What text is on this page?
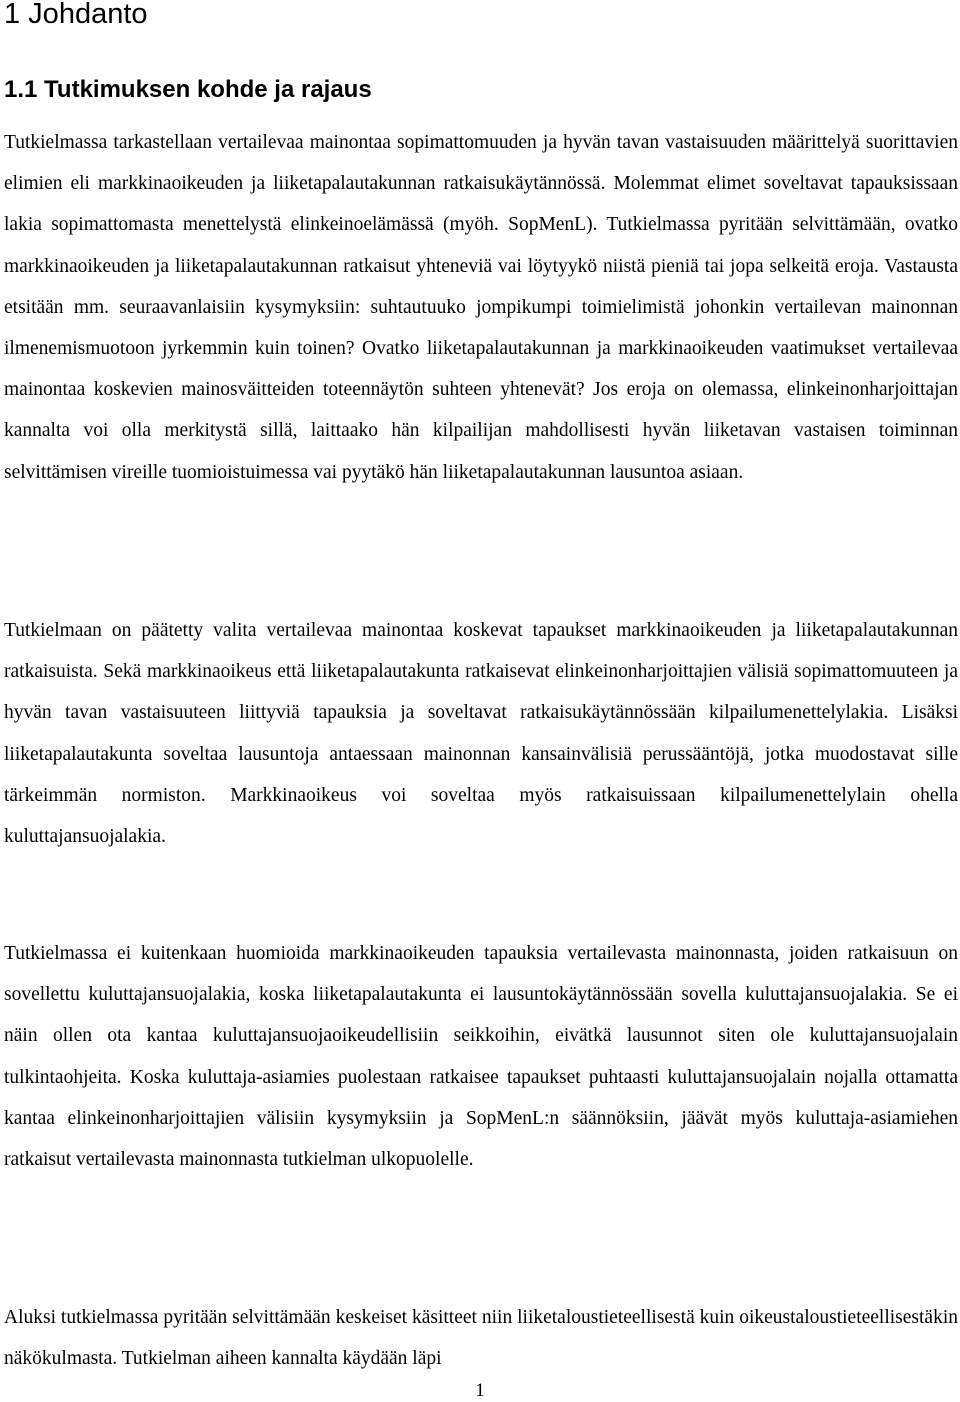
1 Johdanto
1.1 Tutkimuksen kohde ja rajaus

Tutkielmassa tarkastellaan vertailevaa mainontaa sopimattomuuden ja hyvän tavan vastaisuuden määrittelyä suorittavien elimien eli markkinaoikeuden ja liiketapalautakunnan ratkaisukäytännössä. Molemmat elimet soveltavat tapauksissaan lakia sopimattomasta menettelystä elinkeinoelämässä (myöh. SopMenL). Tutkielmassa pyritään selvittämään, ovatko markkinaoikeuden ja liiketapalautakunnan ratkaisut yhteneviä vai löytyykö niistä pieniä tai jopa selkeitä eroja. Vastausta etsitään mm. seuraavanlaisiin kysymyksiin: suhtautuuko jompikumpi toimielimistä johonkin vertailevan mainonnan ilmenemismuotoon jyrkemmin kuin toinen? Ovatko liiketapalautakunnan ja markkinaoikeuden vaatimukset vertailevaa mainontaa koskevien mainosväitteiden toteennäytön suhteen yhtenevät? Jos eroja on olemassa, elinkeinonharjoittajan kannalta voi olla merkitystä sillä, laittaako hän kilpailijan mahdollisesti hyvän liiketavan vastaisen toiminnan selvittämisen vireille tuomioistuimessa vai pyytäkö hän liiketapalautakunnan lausuntoa asiaan.

Tutkielmaan on päätetty valita vertailevaa mainontaa koskevat tapaukset markkinaoikeuden ja liiketapalautakunnan ratkaisuista. Sekä markkinaoikeus että liiketapalautakunta ratkaisevat elinkeinonharjoittajien välisiä sopimattomuuteen ja hyvän tavan vastaisuuteen liittyviä tapauksia ja soveltavat ratkaisukäytännössään kilpailumenettelylakia. Lisäksi liiketapalautakunta soveltaa lausuntoja antaessaan mainonnan kansainvälisiä perussääntöjä, jotka muodostavat sille tärkeimmän normiston. Markkinaoikeus voi soveltaa myös ratkaisuissaan kilpailumenettelylain ohella kuluttajansuojalakia.

Tutkielmassa ei kuitenkaan huomioida markkinaoikeuden tapauksia vertailevasta mainonnasta, joiden ratkaisuun on sovellettu kuluttajansuojalakia, koska liiketapalautakunta ei lausuntokäytännössään sovella kuluttajansuojalakia. Se ei näin ollen ota kantaa kuluttajansuojaoikeudellisiin seikkoihin, eivätkä lausunnot siten ole kuluttajansuojalain tulkintaohjeita. Koska kuluttaja-asiamies puolestaan ratkaisee tapaukset puhtaasti kuluttajansuojalain nojalla ottamatta kantaa elinkeinonharjoittajien välisiin kysymyksiin ja SopMenL:n säännöksiin, jäävät myös kuluttaja-asiamiehen ratkaisut vertailevasta mainonnasta tutkielman ulkopuolelle.

Aluksi tutkielmassa pyritään selvittämään keskeiset käsitteet niin liiketaloustieteellisestä kuin oikeustaloustieteellisestäkin näkökulmasta. Tutkielman aiheen kannalta käydään läpi

1
